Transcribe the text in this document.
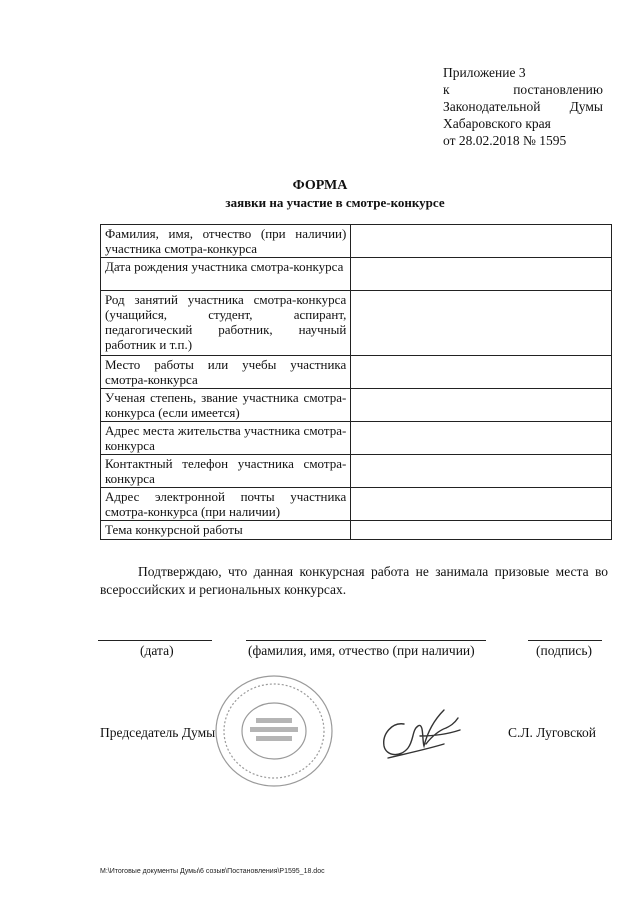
Приложение 3
к	постановлению
Законодательной Думы
Хабаровского края
от 28.02.2018 № 1595
ФОРМА
заявки на участие в смотре-конкурсе
Фамилия, имя, отчество (при наличии) участника смотра-конкурса	
Дата рождения участника смотра-конкурса	
Род занятий участника смотра-конкурса (учащийся, студент, аспирант, педагогический работник, научный работник и т.п.)	
Место работы или учебы участника смотра-конкурса	
Ученая степень, звание участника смотра-конкурса (если имеется)	
Адрес места жительства участника смотра-конкурса	
Контактный телефон участника смотра-конкурса	
Адрес электронной почты участника смотра-конкурса (при наличии)	
Тема конкурсной работы	
Подтверждаю, что данная конкурсная работа не занимала призовые места во всероссийских и региональных конкурсах.
(дата)	(фамилия, имя, отчество (при наличии)	(подпись)
Председатель Думы	С.Л. Луговской
M:\Итоговые документы Думы\6 созыв\Постановления\P1595_18.doc
